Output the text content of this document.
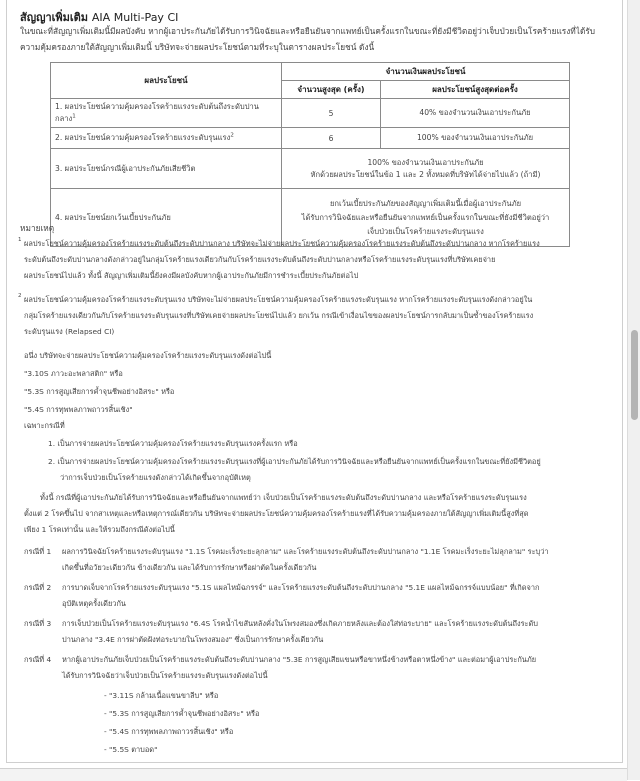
สัญญาเพิ่มเติม AIA Multi-Pay CI
ในขณะที่สัญญาเพิ่มเติมนี้มีผลบังคับ หากผู้เอาประกันภัยได้รับการวินิจฉัยและหรือยืนยันจากแพทย์เป็นครั้งแรกในขณะที่ยังมีชีวิตอยู่ว่าเจ็บป่วยเป็นโรคร้ายแรงที่ได้รับ
ความคุ้มครองภายใต้สัญญาเพิ่มเติมนี้ บริษัทจะจ่ายผลประโยชน์ตามที่ระบุในตารางผลประโยชน์ ดังนี้
ผลประโยชน์	จำนวนเงินผลประโยชน์	
	จำนวนสูงสุด (ครั้ง)	ผลประโยชน์สูงสุดต่อครั้ง
1. ผลประโยชน์ความคุ้มครองโรคร้ายแรงระดับต้นถึงระดับปานกลาง$^1$	5	40% ของจำนวนเงินเอาประกันภัย
2. ผลประโยชน์ความคุ้มครองโรคร้ายแรงระดับรุนแรง$^2$	6	100% ของจำนวนเงินเอาประกันภัย
3. ผลประโยชน์กรณีผู้เอาประกันภัยเสียชีวิต	100% ของจำนวนเงินเอาประกันภัย
หักด้วยผลประโยชน์ในข้อ 1 และ 2 ทั้งหมดที่บริษัทได้จ่ายไปแล้ว (ถ้ามี)	

4. ผลประโยชน์ยกเว้นเบี้ยประกันภัย	ยกเว้นเบี้ยประกันภัยของสัญญาเพิ่มเติมนี้เมื่อผู้เอาประกันภัย
ได้รับการวินิจฉัยและหรือยืนยันจากแพทย์เป็นครั้งแรกในขณะที่ยังมีชีวิตอยู่ว่า
เจ็บป่วยเป็นโรคร้ายแรงระดับรุนแรง	
หมายเหตุ
1 ผลประโยชน์ความคุ้มครองโรคร้ายแรงระดับต้นถึงระดับปานกลาง บริษัทจะไม่จ่ายผลประโยชน์ความคุ้มครองโรคร้ายแรงระดับต้นถึงระดับปานกลาง หากโรคร้ายแรง
ระดับต้นถึงระดับปานกลางดังกล่าวอยู่ในกลุ่มโรคร้ายแรงเดียวกันกับโรคร้ายแรงระดับต้นถึงระดับปานกลางหรือโรคร้ายแรงระดับรุนแรงที่บริษัทเคยจ่าย
ผลประโยชน์ไปแล้ว ทั้งนี้ สัญญาเพิ่มเติมนี้ยังคงมีผลบังคับหากผู้เอาประกันภัยมีการชำระเบี้ยประกันภัยต่อไป
2 ผลประโยชน์ความคุ้มครองโรคร้ายแรงระดับรุนแรง บริษัทจะไม่จ่ายผลประโยชน์ความคุ้มครองโรคร้ายแรงระดับรุนแรง หากโรคร้ายแรงระดับรุนแรงดังกล่าวอยู่ใน
กลุ่มโรคร้ายแรงเดียวกันกับโรคร้ายแรงระดับรุนแรงที่บริษัทเคยจ่ายผลประโยชน์ไปแล้ว ยกเว้น กรณีเข้าเงื่อนไขของผลประโยชน์การกลับมาเป็นซ้ำของโรคร้ายแรง
ระดับรุนแรง (Relapsed CI)
อนึ่ง บริษัทจะจ่ายผลประโยชน์ความคุ้มครองโรคร้ายแรงระดับรุนแรงดังต่อไปนี้
"3.10S ภาวะอะพลาสติก" หรือ
"5.3S การสูญเสียการค้ำจุนชีพอย่างอิสระ" หรือ
"5.4S การทุพพลภาพถาวรสิ้นเชิง"
เฉพาะกรณีที่
1. เป็นการจ่ายผลประโยชน์ความคุ้มครองโรคร้ายแรงระดับรุนแรงครั้งแรก หรือ
2. เป็นการจ่ายผลประโยชน์ความคุ้มครองโรคร้ายแรงระดับรุนแรงที่ผู้เอาประกันภัยได้รับการวินิจฉัยและหรือยืนยันจากแพทย์เป็นครั้งแรกในขณะที่ยังมีชีวิตอยู่
ว่าการเจ็บป่วยเป็นโรคร้ายแรงดังกล่าวได้เกิดขึ้นจากอุบัติเหตุ
ทั้งนี้ กรณีที่ผู้เอาประกันภัยได้รับการวินิจฉัยและหรือยืนยันจากแพทย์ว่า เจ็บป่วยเป็นโรคร้ายแรงระดับต้นถึงระดับปานกลาง และหรือโรคร้ายแรงระดับรุนแรง
ตั้งแต่ 2 โรคขึ้นไป จากสาเหตุและหรือเหตุการณ์เดียวกัน บริษัทจะจ่ายผลประโยชน์ความคุ้มครองโรคร้ายแรงที่ได้รับความคุ้มครองภายใต้สัญญาเพิ่มเติมนี้สูงที่สุด
เพียง 1 โรคเท่านั้น และให้รวมถึงกรณีดังต่อไปนี้
กรณีที่ 1 ผลการวินิจฉัยโรคร้ายแรงระดับรุนแรง "1.1S โรคมะเร็งระยะลุกลาม" และโรคร้ายแรงระดับต้นถึงระดับปานกลาง "1.1E โรคมะเร็งระยะไม่ลุกลาม" ระบุว่า
เกิดขึ้นที่อวัยวะเดียวกัน ข้างเดียวกัน และได้รับการรักษาหรือผ่าตัดในครั้งเดียวกัน
กรณีที่ 2 การบาดเจ็บจากโรคร้ายแรงระดับรุนแรง "5.1S แผลไหม้ฉกรรจ์" และโรคร้ายแรงระดับต้นถึงระดับปานกลาง "5.1E แผลไหม้ฉกรรจ์แบบน้อย" ที่เกิดจาก
อุบัติเหตุครั้งเดียวกัน
กรณีที่ 3 การเจ็บป่วยเป็นโรคร้ายแรงระดับรุนแรง "6.4S โรคน้ำไขสันหลังคั่งในโพรงสมองซึ่งเกิดภายหลังและต้องใส่ท่อระบาย" และโรคร้ายแรงระดับต้นถึงระดับ
ปานกลาง "3.4E การผ่าตัดฝังท่อระบายในโพรงสมอง" ซึ่งเป็นการรักษาครั้งเดียวกัน
กรณีที่ 4 หากผู้เอาประกันภัยเจ็บป่วยเป็นโรคร้ายแรงระดับต้นถึงระดับปานกลาง "5.3E การสูญเสียแขนหรือขาหนึ่งข้างหรือตาหนึ่งข้าง" และต่อมาผู้เอาประกันภัย
ได้รับการวินิจฉัยว่าเจ็บป่วยเป็นโรคร้ายแรงระดับรุนแรงดังต่อไปนี้
- "3.11S กล้ามเนื้อแขนขาลีบ" หรือ
- "5.3S การสูญเสียการค้ำจุนชีพอย่างอิสระ" หรือ
- "5.4S การทุพพลภาพถาวรสิ้นเชิง" หรือ
- "5.5S ตาบอด"
